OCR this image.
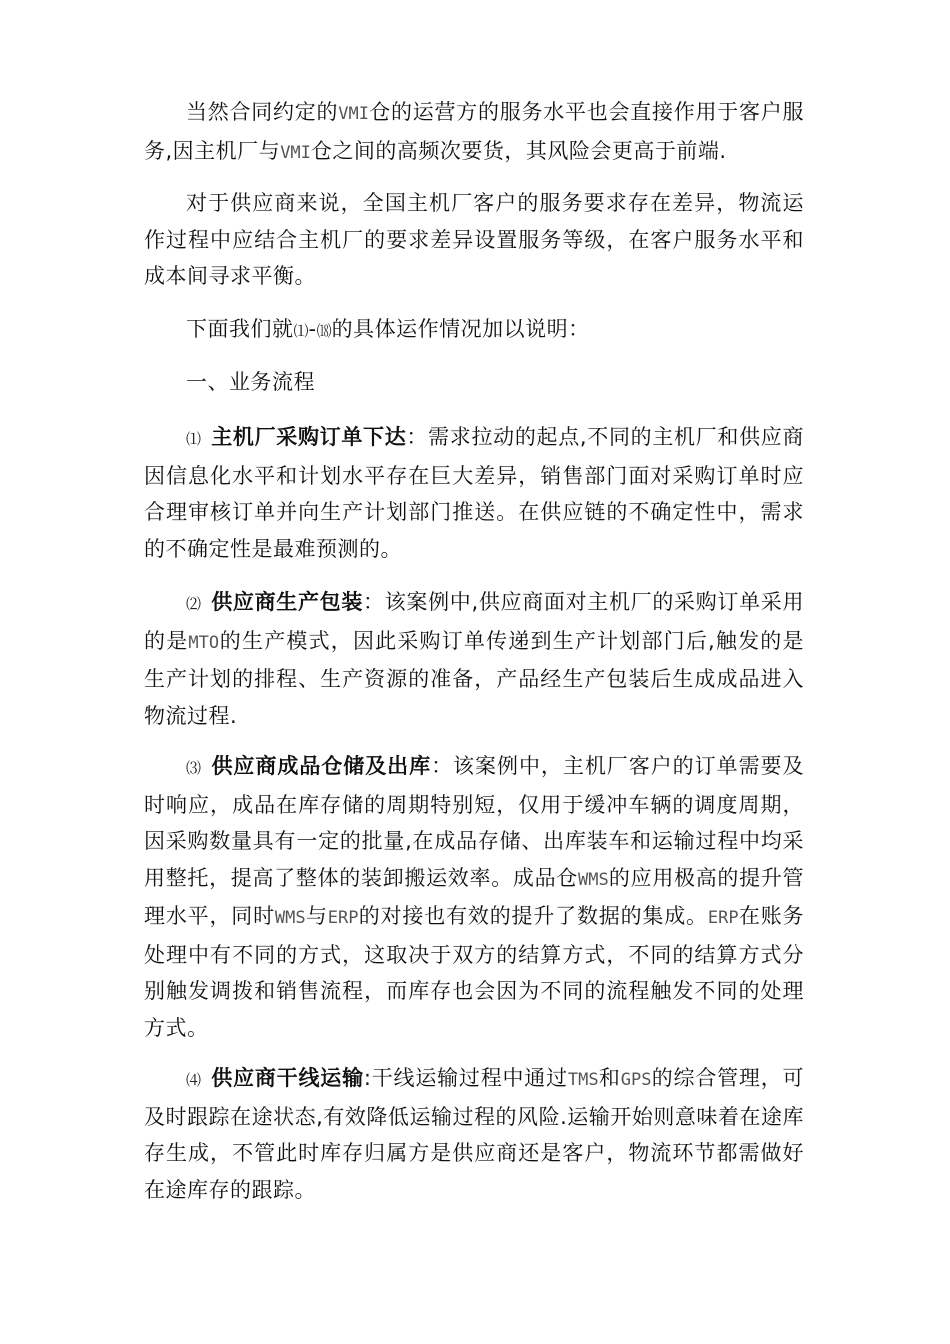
当然合同约定的VMI仓的运营方的服务水平也会直接作用于客户服务,因主机厂与VMI仓之间的高频次要货，其风险会更高于前端.

对于供应商来说，全国主机厂客户的服务要求存在差异，物流运作过程中应结合主机厂的要求差异设置服务等级，在客户服务水平和成本间寻求平衡。

下面我们就⑴-⒅的具体运作情况加以说明：

一、业务流程

⑴ 主机厂采购订单下达：需求拉动的起点,不同的主机厂和供应商因信息化水平和计划水平存在巨大差异，销售部门面对采购订单时应合理审核订单并向生产计划部门推送。在供应链的不确定性中，需求的不确定性是最难预测的。

⑵ 供应商生产包装：该案例中,供应商面对主机厂的采购订单采用的是MTO的生产模式，因此采购订单传递到生产计划部门后,触发的是生产计划的排程、生产资源的准备，产品经生产包装后生成成品进入物流过程.

⑶ 供应商成品仓储及出库：该案例中，主机厂客户的订单需要及时响应，成品在库存储的周期特别短，仅用于缓冲车辆的调度周期，因采购数量具有一定的批量,在成品存储、出库装车和运输过程中均采用整托，提高了整体的装卸搬运效率。成品仓WMS的应用极高的提升管理水平，同时WMS与ERP的对接也有效的提升了数据的集成。ERP在账务处理中有不同的方式，这取决于双方的结算方式，不同的结算方式分别触发调拨和销售流程，而库存也会因为不同的流程触发不同的处理方式。

⑷ 供应商干线运输:干线运输过程中通过TMS和GPS的综合管理，可及时跟踪在途状态,有效降低运输过程的风险.运输开始则意味着在途库存生成，不管此时库存归属方是供应商还是客户，物流环节都需做好在途库存的跟踪。
